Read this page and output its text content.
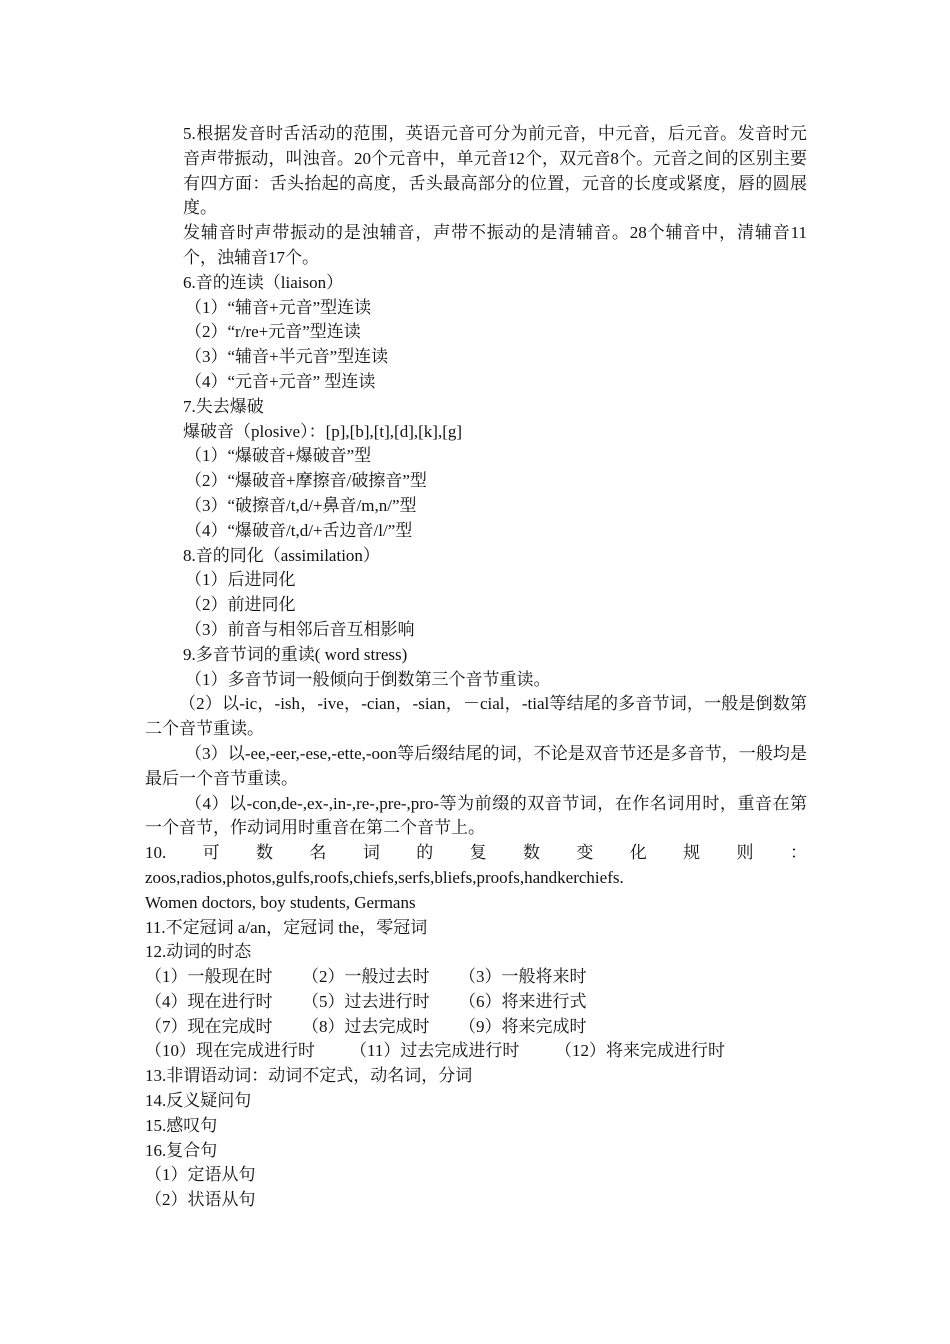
5.根据发音时舌活动的范围，英语元音可分为前元音，中元音，后元音。发音时元音声带振动，叫浊音。20个元音中，单元音12个，双元音8个。元音之间的区别主要有四方面：舌头抬起的高度，舌头最高部分的位置，元音的长度或紧度，唇的圆展度。
发辅音时声带振动的是浊辅音，声带不振动的是清辅音。28个辅音中，清辅音11个，浊辅音17个。
6.音的连读（liaison）
（1）“辅音+元音”型连读
（2）“r/re+元音”型连读
（3）“辅音+半元音”型连读
（4）“元音+元音” 型连读
7.失去爆破
爆破音（plosive）：[p],[b],[t],[d],[k],[g]
（1）“爆破音+爆破音”型
（2）“爆破音+摩擦音/破擦音”型
（3）“破擦音/t,d/+鼻音/m,n/”型
（4）“爆破音/t,d/+舌边音/l/”型
8.音的同化（assimilation）
（1）后进同化
（2）前进同化
（3）前音与相邻后音互相影响
9.多音节词的重读( word stress)
（1）多音节词一般倾向于倒数第三个音节重读。
（2）以-ic，-ish，-ive，-cian，-sian，－cial，-tial等结尾的多音节词，一般是倒数第二个音节重读。
（3）以-ee,-eer,-ese,-ette,-oon等后缀结尾的词，不论是双音节还是多音节，一般均是最后一个音节重读。
（4）以-con,de-,ex-,in-,re-,pre-,pro-等为前缀的双音节词，在作名词用时，重音在第一个音节，作动词用时重音在第二个音节上。
10. 可 数 名 词 的 复 数 变 化 规 则 ：
zoos,radios,photos,gulfs,roofs,chiefs,serfs,bliefs,proofs,handkerchiefs.
Women doctors, boy students, Germans
11.不定冠词 a/an，定冠词 the，零冠词
12.动词的时态
（1）一般现在时 （2）一般过去时 （3）一般将来时
（4）现在进行时 （5）过去进行时 （6）将来进行式
（7）现在完成时 （8）过去完成时 （9）将来完成时
（10）现在完成进行时 （11）过去完成进行时 （12）将来完成进行时
13.非谓语动词：动词不定式，动名词，分词
14.反义疑问句
15.感叹句
16.复合句
（1）定语从句
（2）状语从句
